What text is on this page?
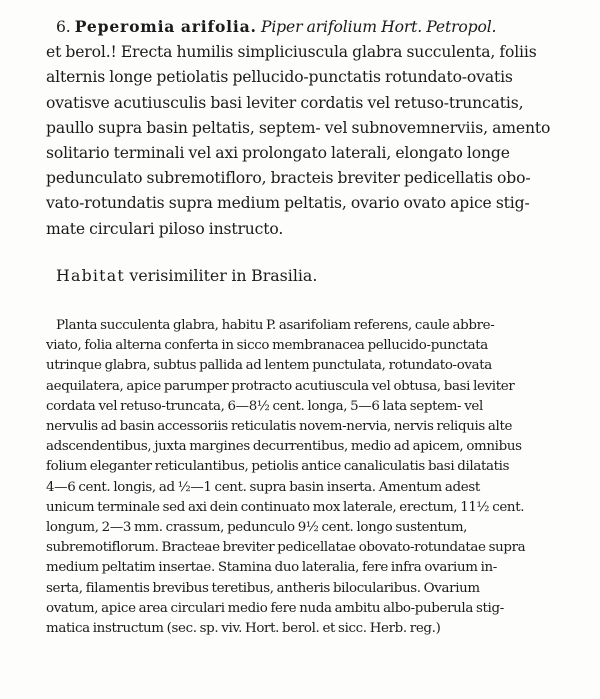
6. Peperomia arifolia. Piper arifolium Hort. Petropol.
et berol.! Erecta humilis simpliciuscula glabra succulenta, foliis
alternis longe petiolatis pellucido-punctatis rotundato-ovatis
ovatisve acutiusculis basi leviter cordatis vel retuso-truncatis,
paullo supra basin peltatis, septem- vel subnovemnerviis, amento
solitario terminali vel axi prolongato laterali, elongato longe
pedunculato subremotifloro, bracteis breviter pedicellatis obo-
vato-rotundatis supra medium peltatis, ovario ovato apice stig-
mate circulari piloso instructo.
Habitat verisimiliter in Brasilia.
Planta succulenta glabra, habitu P. asarifoliam referens, caule abbre-
viato, folia alterna conferta in sicco membranacea pellucido-punctata
utrinque glabra, subtus pallida ad lentem punctulata, rotundato-ovata
aequilatera, apice parumper protracto acutiuscula vel obtusa, basi leviter
cordata vel retuso-truncata, 6—8½ cent. longa, 5—6 lata septem- vel
nervulis ad basin accessoriis reticulatis novem-nervia, nervis reliquis alte
adscendentibus, juxta margines decurrentibus, medio ad apicem, omnibus
folium eleganter reticulantibus, petiolis antice canaliculatis basi dilatatis
4—6 cent. longis, ad ½—1 cent. supra basin inserta. Amentum adest
unicum terminale sed axi dein continuato mox laterale, erectum, 11½ cent.
longum, 2—3 mm. crassum, pedunculo 9½ cent. longo sustentum,
subremotiflorum. Bracteae breviter pedicellatae obovato-rotundatae supra
medium peltatim insertae. Stamina duo lateralia, fere infra ovarium in-
serta, filamentis brevibus teretibus, antheris bilocularibus. Ovarium
ovatum, apice area circulari medio fere nuda ambitu albo-puberula stig-
matica instructum (sec. sp. viv. Hort. berol. et sicc. Herb. reg.)
